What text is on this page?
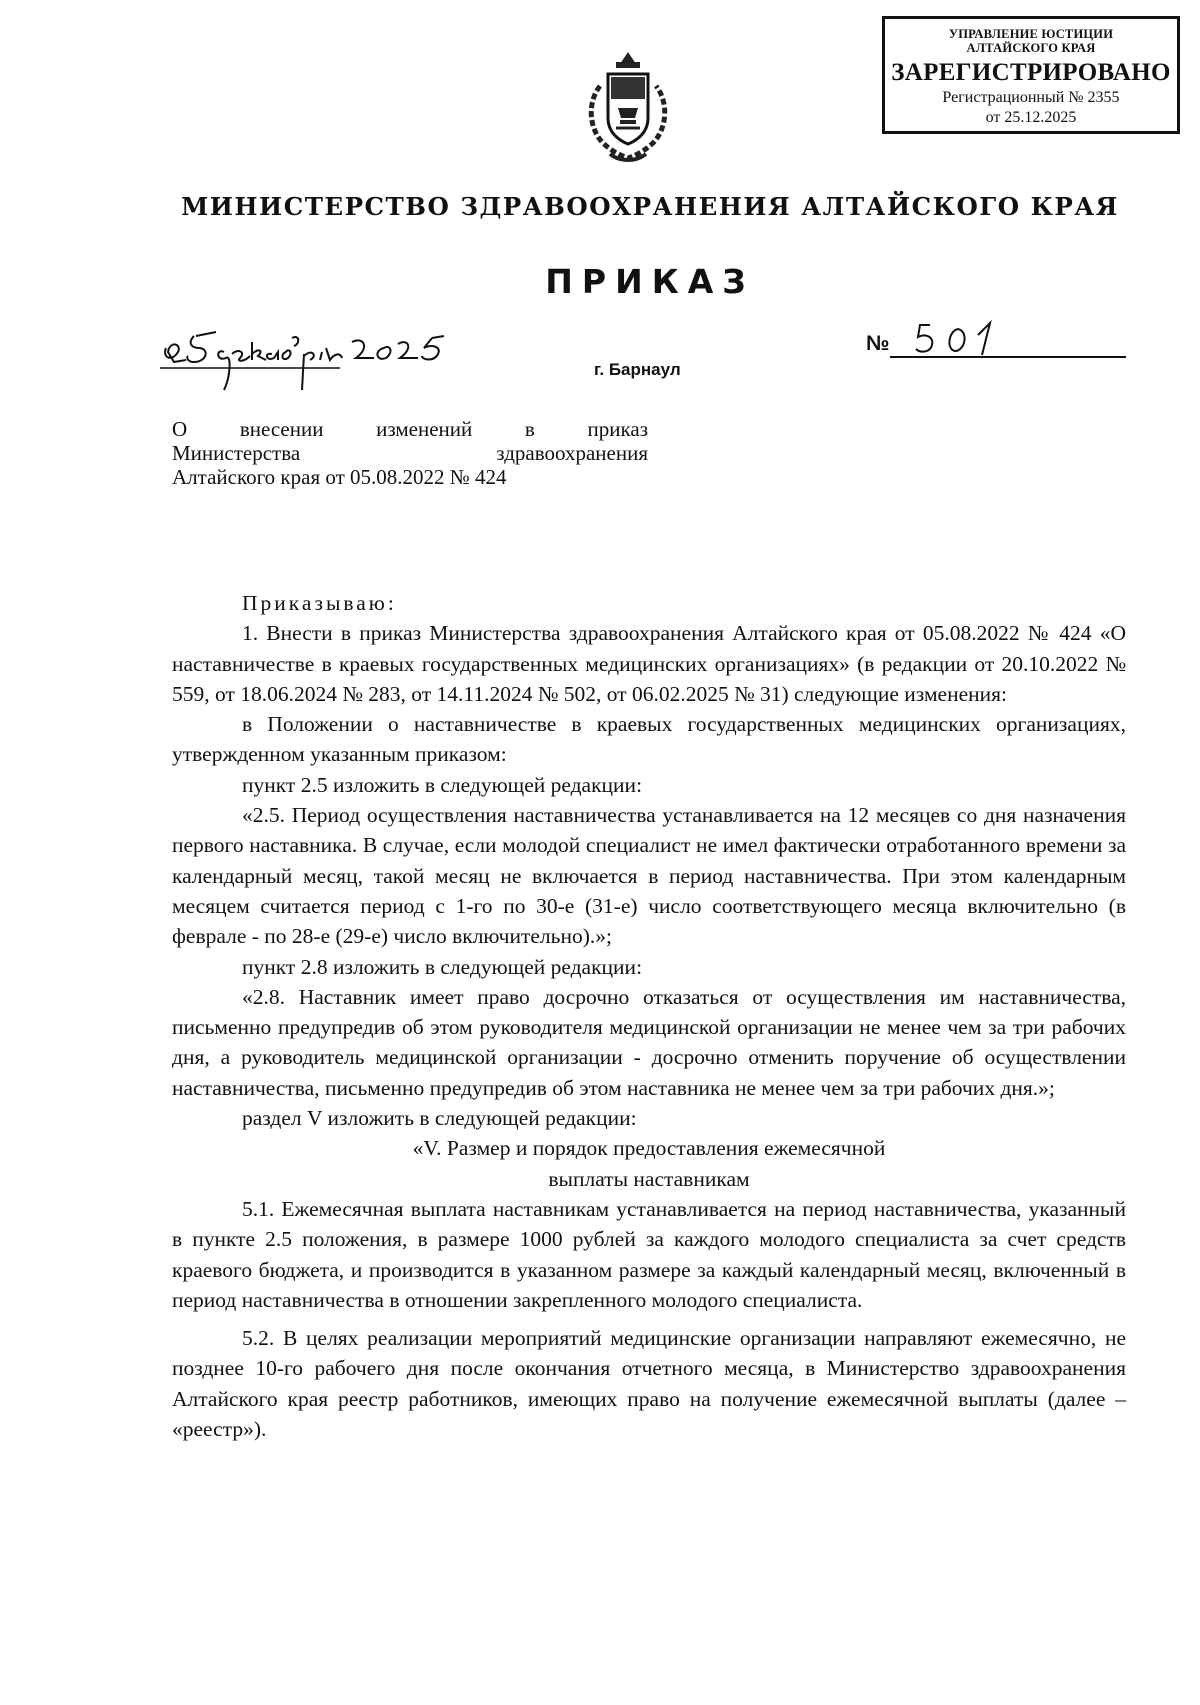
УПРАВЛЕНИЕ ЮСТИЦИИ
АЛТАЙСКОГО КРАЯ
ЗАРЕГИСТРИРОВАНО
Регистрационный № 2355
от 25.12.2025
МИНИСТЕРСТВО ЗДРАВООХРАНЕНИЯ АЛТАЙСКОГО КРАЯ
ПРИКАЗ
г. Барнаул
№
О внесении изменений в приказ
Министерства здравоохранения
Алтайского края от 05.08.2022 № 424

Приказываю:

1. Внести в приказ Министерства здравоохранения Алтайского края от 05.08.2022 № 424 «О наставничестве в краевых государственных медицинских организациях» (в редакции от 20.10.2022 № 559, от 18.06.2024 № 283, от 14.11.2024 № 502, от 06.02.2025 № 31) следующие изменения:

в Положении о наставничестве в краевых государственных медицинских организациях, утвержденном указанным приказом:

пункт 2.5 изложить в следующей редакции:

«2.5. Период осуществления наставничества устанавливается на 12 месяцев со дня назначения первого наставника. В случае, если молодой специалист не имел фактически отработанного времени за календарный месяц, такой месяц не включается в период наставничества. При этом календарным месяцем считается период с 1-го по 30-е (31-е) число соответствующего месяца включительно (в феврале - по 28-е (29-е) число включительно).»;

пункт 2.8 изложить в следующей редакции:

«2.8. Наставник имеет право досрочно отказаться от осуществления им наставничества, письменно предупредив об этом руководителя медицинской организации не менее чем за три рабочих дня, а руководитель медицинской организации - досрочно отменить поручение об осуществлении наставничества, письменно предупредив об этом наставника не менее чем за три рабочих дня.»;

раздел V изложить в следующей редакции:

«V. Размер и порядок предоставления ежемесячной

выплаты наставникам

5.1. Ежемесячная выплата наставникам устанавливается на период наставничества, указанный в пункте 2.5 положения, в размере 1000 рублей за каждого молодого специалиста за счет средств краевого бюджета, и производится в указанном размере за каждый календарный месяц, включенный в период наставничества в отношении закрепленного молодого специалиста.

5.2. В целях реализации мероприятий медицинские организации направляют ежемесячно, не позднее 10-го рабочего дня после окончания отчетного месяца, в Министерство здравоохранения Алтайского края реестр работников, имеющих право на получение ежемесячной выплаты (далее – «реестр»).
